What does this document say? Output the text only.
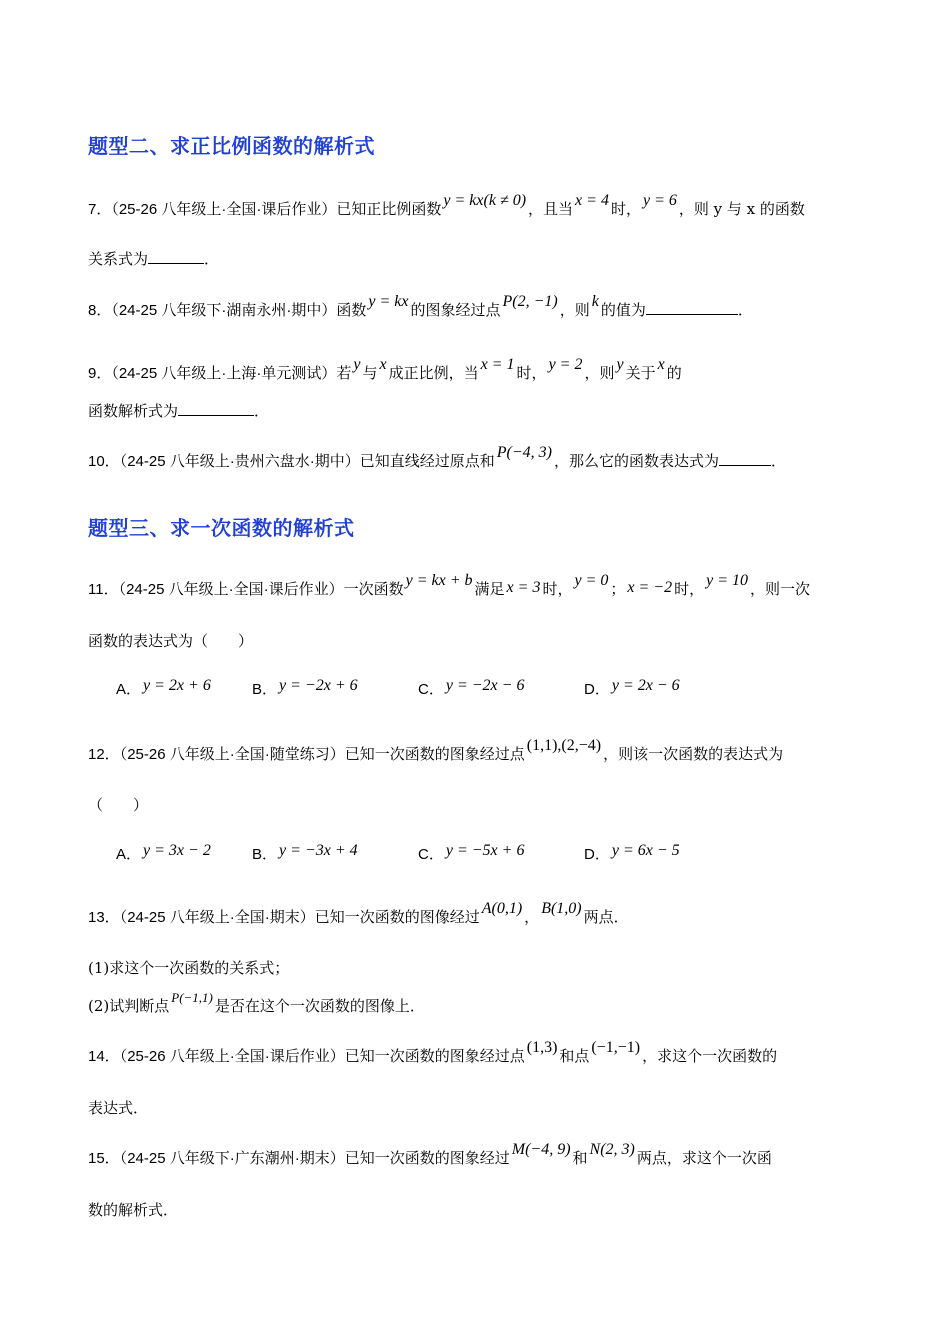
题型二、求正比例函数的解析式
7．（25-26 八年级上·全国·课后作业）已知正比例函数 y = kx(k ≠ 0) ，且当 x = 4 时， y = 6 ，则 y 与 x 的函数
关系式为	．
8．（24-25 八年级下·湖南永州·期中）函数 y = kx 的图象经过点 P(2, −1) ，则 k 的值为	．
9．（24-25 八年级上·上海·单元测试）若 y 与 x 成正比例，当 x = 1 时， y = 2 ，则 y 关于 x 的
函数解析式为	．
10．（24-25 八年级上·贵州六盘水·期中）已知直线经过原点和 P(−4, 3) ，那么它的函数表达式为	．
题型三、求一次函数的解析式
11．（24-25 八年级上·全国·课后作业）一次函数 y = kx + b 满足 x = 3 时， y = 0 ； x = −2 时， y = 10 ，则一次
函数的表达式为（　　）
A． y = 2x + 6	B． y = −2x + 6	C． y = −2x − 6	D． y = 2x − 6
12．（25-26 八年级上·全国·随堂练习）已知一次函数的图象经过点 (1,1),(2,−4) ，则该一次函数的表达式为
（　　）
A． y = 3x − 2	B． y = −3x + 4	C． y = −5x + 6	D． y = 6x − 5
13．（24-25 八年级上·全国·期末）已知一次函数的图像经过 A(0,1) ， B(1,0) 两点．
(1)求这个一次函数的关系式；
(2)试判断点 P(−1,1) 是否在这个一次函数的图像上．
14．（25-26 八年级上·全国·课后作业）已知一次函数的图象经过点 (1,3) 和点 (−1,−1) ，求这个一次函数的
表达式．
15．（24-25 八年级下·广东潮州·期末）已知一次函数的图象经过 M(−4, 9) 和 N(2, 3) 两点，求这个一次函
数的解析式．
